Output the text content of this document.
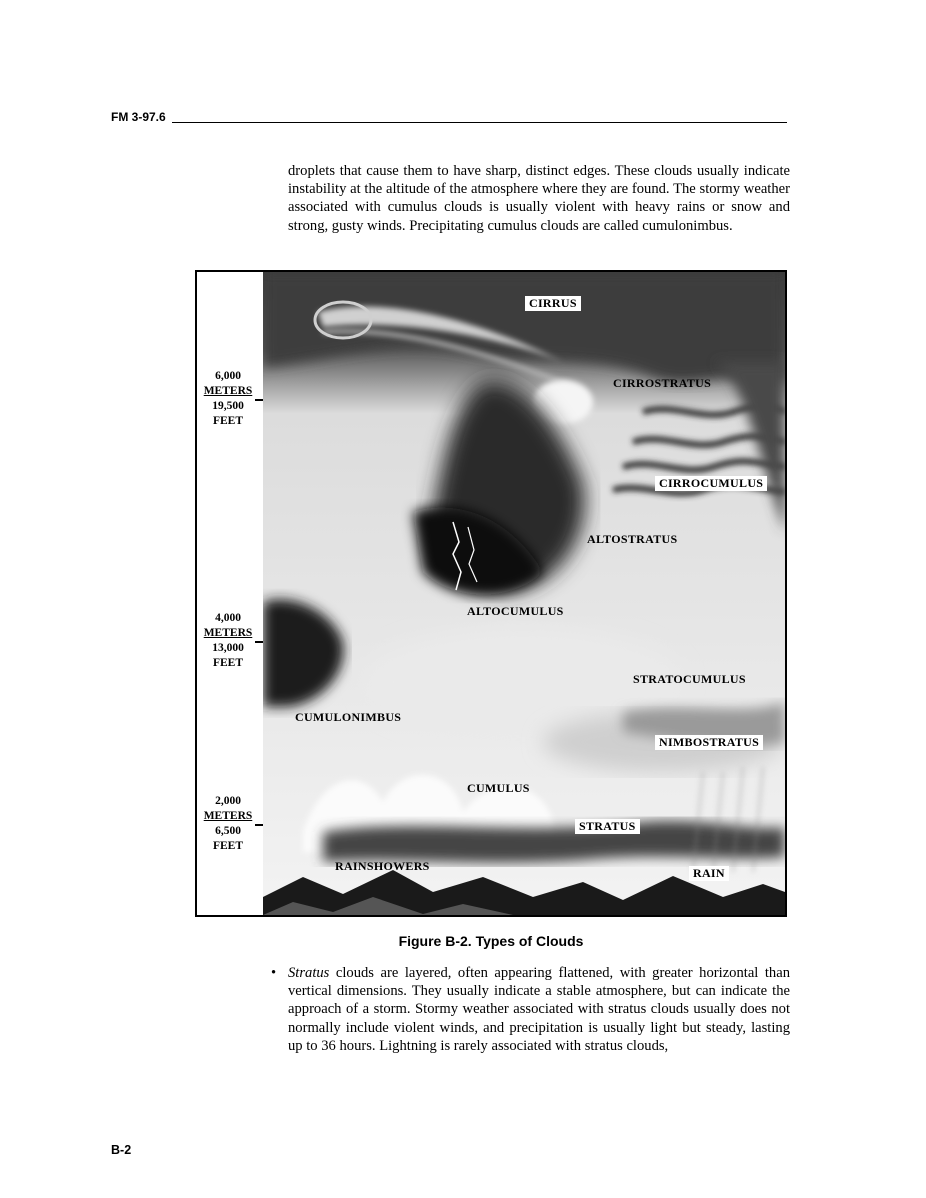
FM 3-97.6
droplets that cause them to have sharp, distinct edges. These clouds usually indicate instability at the altitude of the atmosphere where they are found. The stormy weather associated with cumulus clouds is usually violent with heavy rains or snow and strong, gusty winds. Precipitating cumulus clouds are called cumulonimbus.
6,000
METERS
19,500
FEET
4,000
METERS
13,000
FEET
2,000
METERS
6,500
FEET
CIRRUS
CIRROSTRATUS
CIRROCUMULUS
ALTOSTRATUS
ALTOCUMULUS
STRATOCUMULUS
CUMULONIMBUS
NIMBOSTRATUS
CUMULUS
STRATUS
RAINSHOWERS	RAIN
Figure B-2. Types of Clouds
• Stratus clouds are layered, often appearing flattened, with greater horizontal than vertical dimensions. They usually indicate a stable atmosphere, but can indicate the approach of a storm. Stormy weather associated with stratus clouds usually does not normally include violent winds, and precipitation is usually light but steady, lasting up to 36 hours. Lightning is rarely associated with stratus clouds,
B-2
